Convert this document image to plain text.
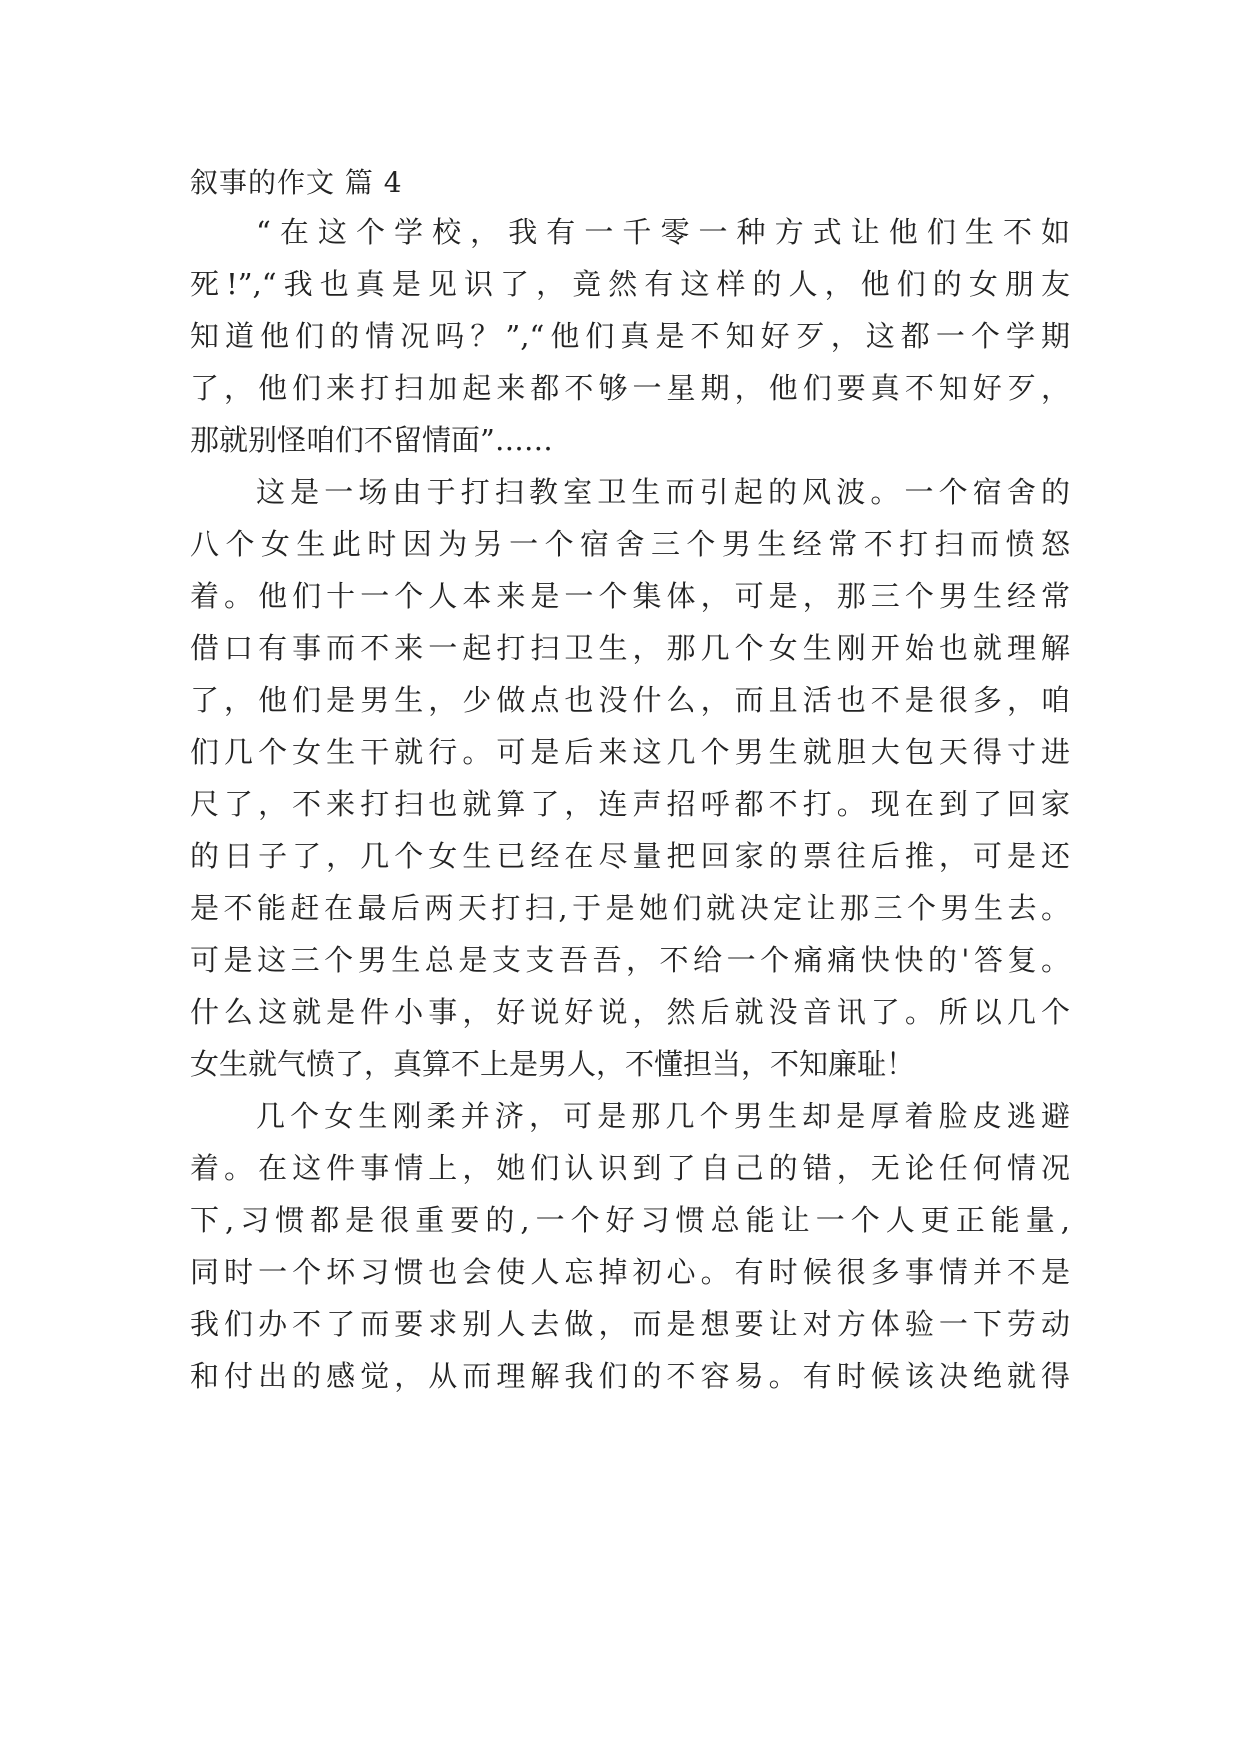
叙事的作文 篇 4
“在这个学校，我有一千零一种方式让他们生不如
死!”,“我也真是见识了，竟然有这样的人，他们的女朋友
知道他们的情况吗？”,“他们真是不知好歹，这都一个学期
了，他们来打扫加起来都不够一星期，他们要真不知好歹，
那就别怪咱们不留情面”……
这是一场由于打扫教室卫生而引起的风波。一个宿舍的
八个女生此时因为另一个宿舍三个男生经常不打扫而愤怒
着。他们十一个人本来是一个集体，可是，那三个男生经常
借口有事而不来一起打扫卫生，那几个女生刚开始也就理解
了，他们是男生，少做点也没什么，而且活也不是很多，咱
们几个女生干就行。可是后来这几个男生就胆大包天得寸进
尺了，不来打扫也就算了，连声招呼都不打。现在到了回家
的日子了，几个女生已经在尽量把回家的票往后推，可是还
是不能赶在最后两天打扫,于是她们就决定让那三个男生去。
可是这三个男生总是支支吾吾，不给一个痛痛快快的'答复。
什么这就是件小事，好说好说，然后就没音讯了。所以几个
女生就气愤了，真算不上是男人，不懂担当，不知廉耻！
几个女生刚柔并济，可是那几个男生却是厚着脸皮逃避
着。在这件事情上，她们认识到了自己的错，无论任何情况
下,习惯都是很重要的,一个好习惯总能让一个人更正能量,
同时一个坏习惯也会使人忘掉初心。有时候很多事情并不是
我们办不了而要求别人去做，而是想要让对方体验一下劳动
和付出的感觉，从而理解我们的不容易。有时候该决绝就得
